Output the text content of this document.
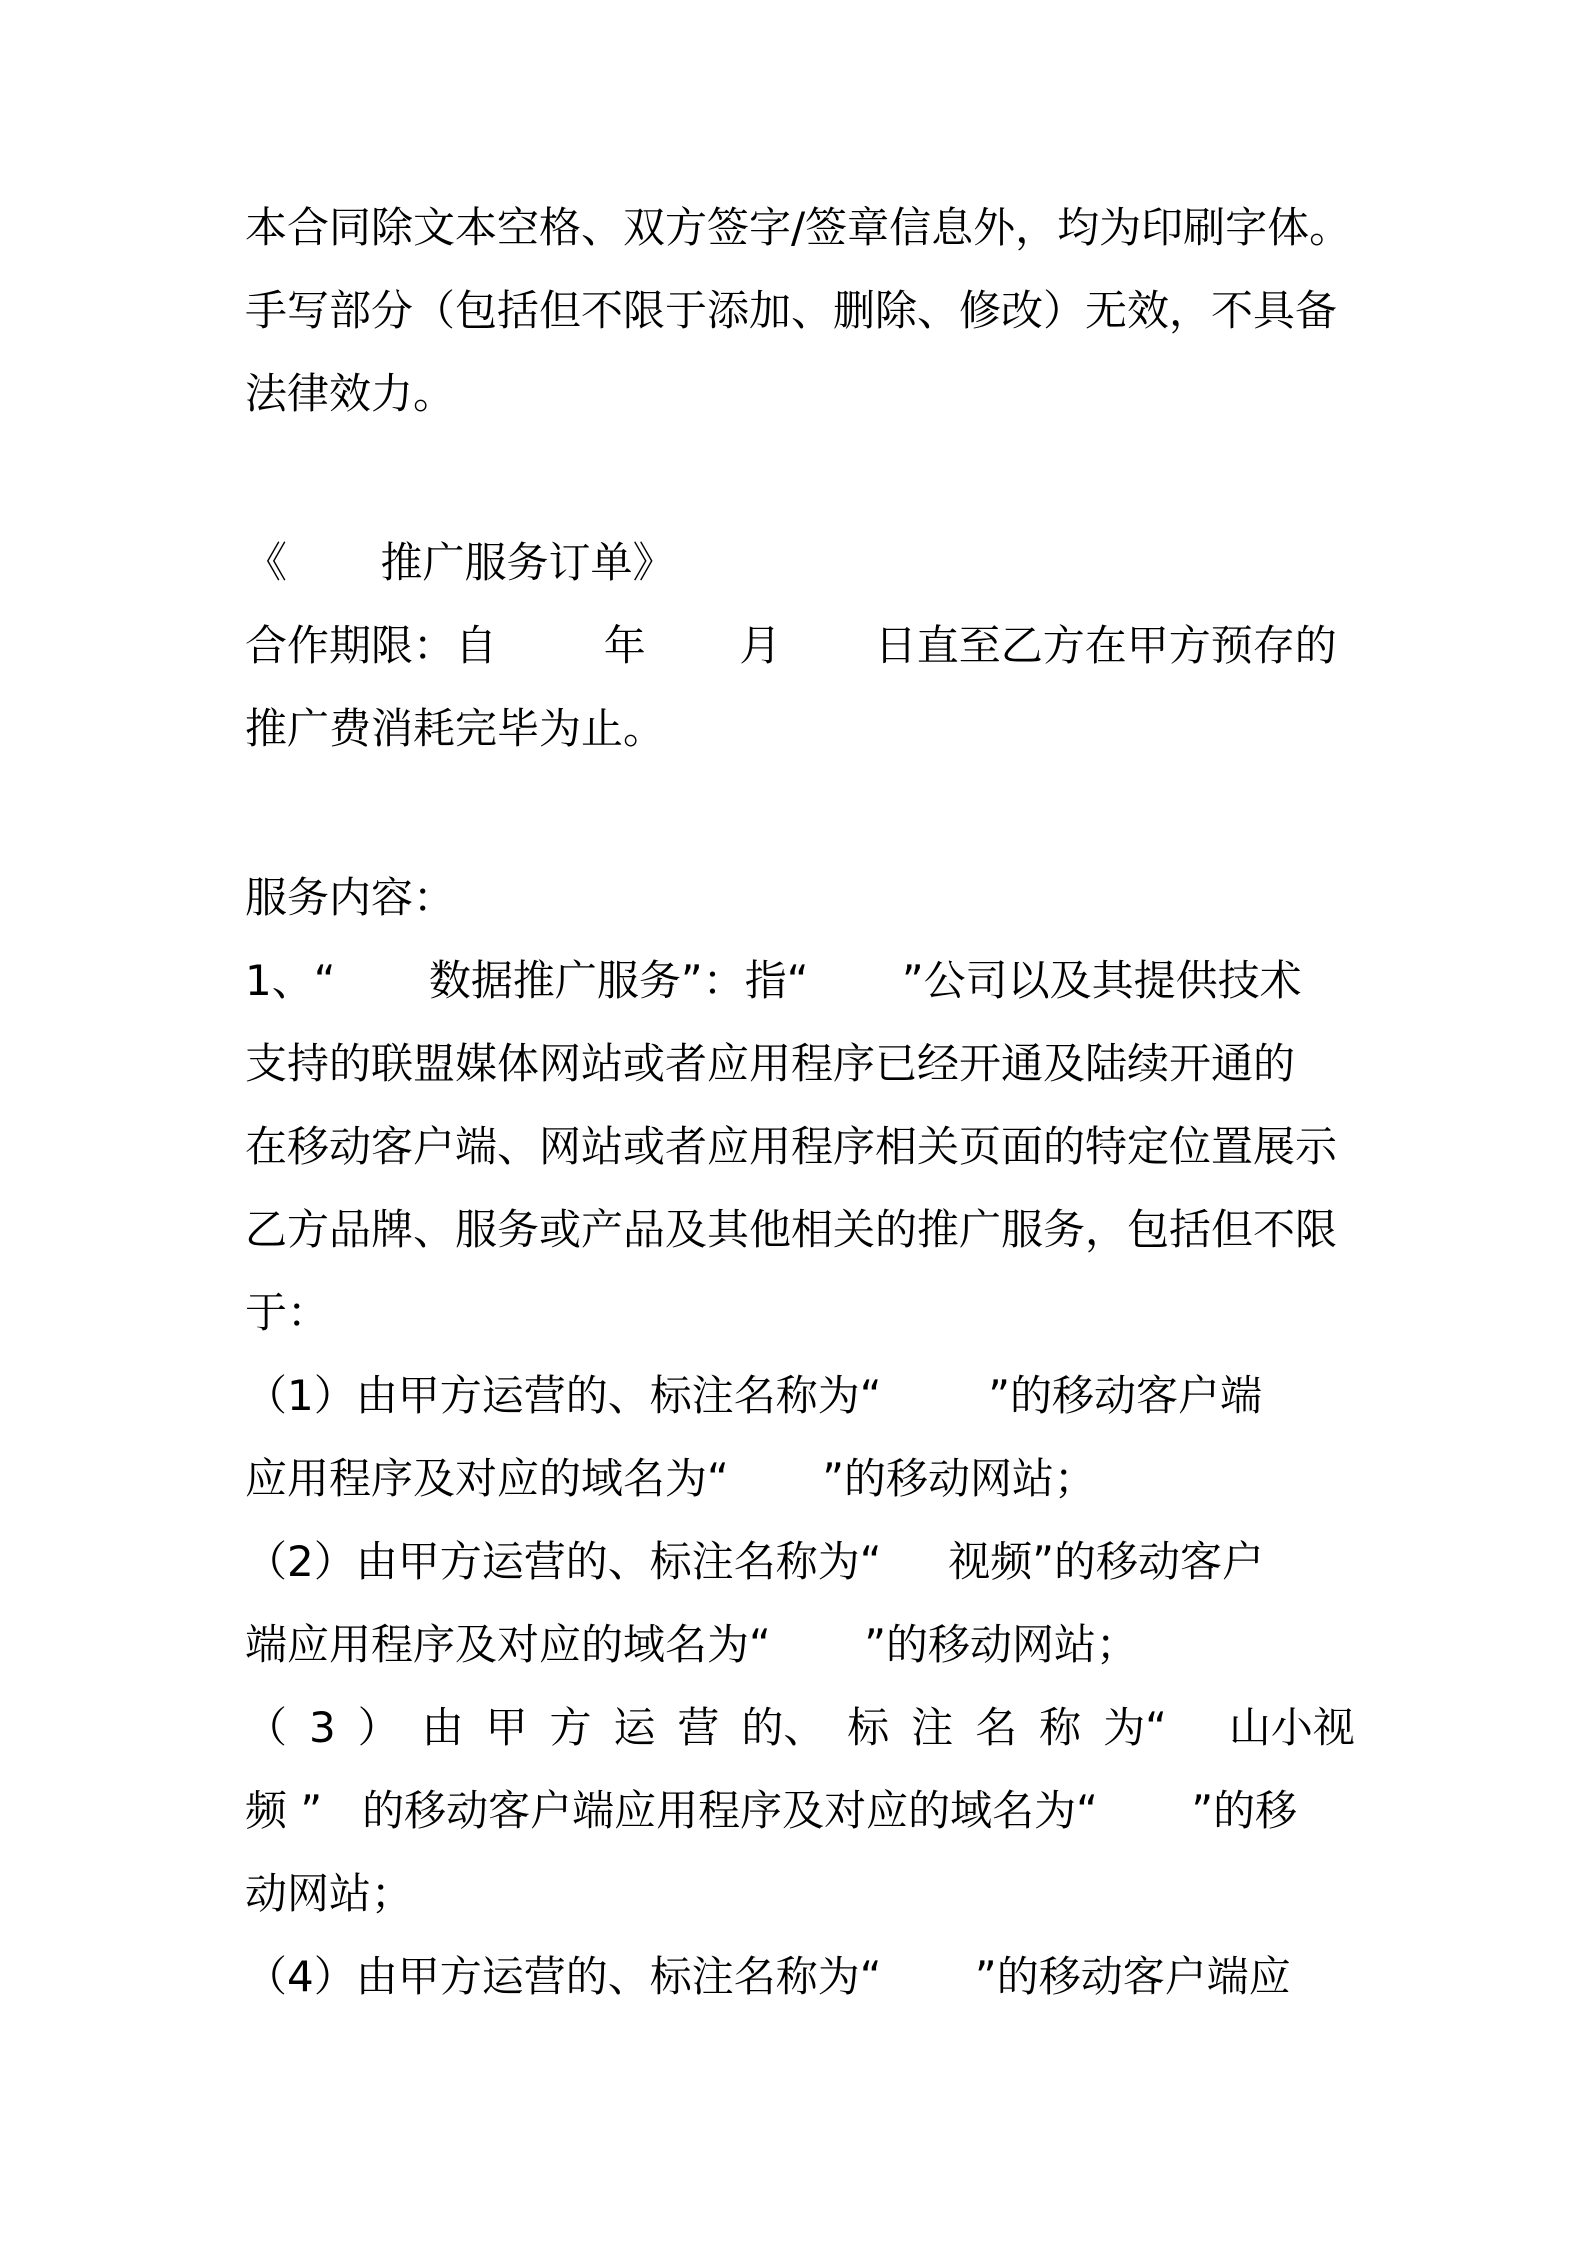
本合同除文本空格、双方签字/签章信息外，均为印刷字体。
手写部分（包括但不限于添加、删除、修改）无效，不具备
法律效力。
《       推广服务订单》
合作期限：自        年       月       日直至乙方在甲方预存的
推广费消耗完毕为止。
服务内容：
1、“       数据推广服务”：指“       ”公司以及其提供技术
支持的联盟媒体网站或者应用程序已经开通及陆续开通的
在移动客户端、网站或者应用程序相关页面的特定位置展示
乙方品牌、服务或产品及其他相关的推广服务，包括但不限
于：
（1）由甲方运营的、标注名称为“        ”的移动客户端
应用程序及对应的域名为“       ”的移动网站；
（2）由甲方运营的、标注名称为“     视频”的移动客户
端应用程序及对应的域名为“       ”的移动网站；
（ 3 ） 由 甲 方 运 营 的、 标 注 名 称 为“ 山小视
频 ”   的移动客户端应用程序及对应的域名为“       ”的移
动网站；
（4）由甲方运营的、标注名称为“       ”的移动客户端应
